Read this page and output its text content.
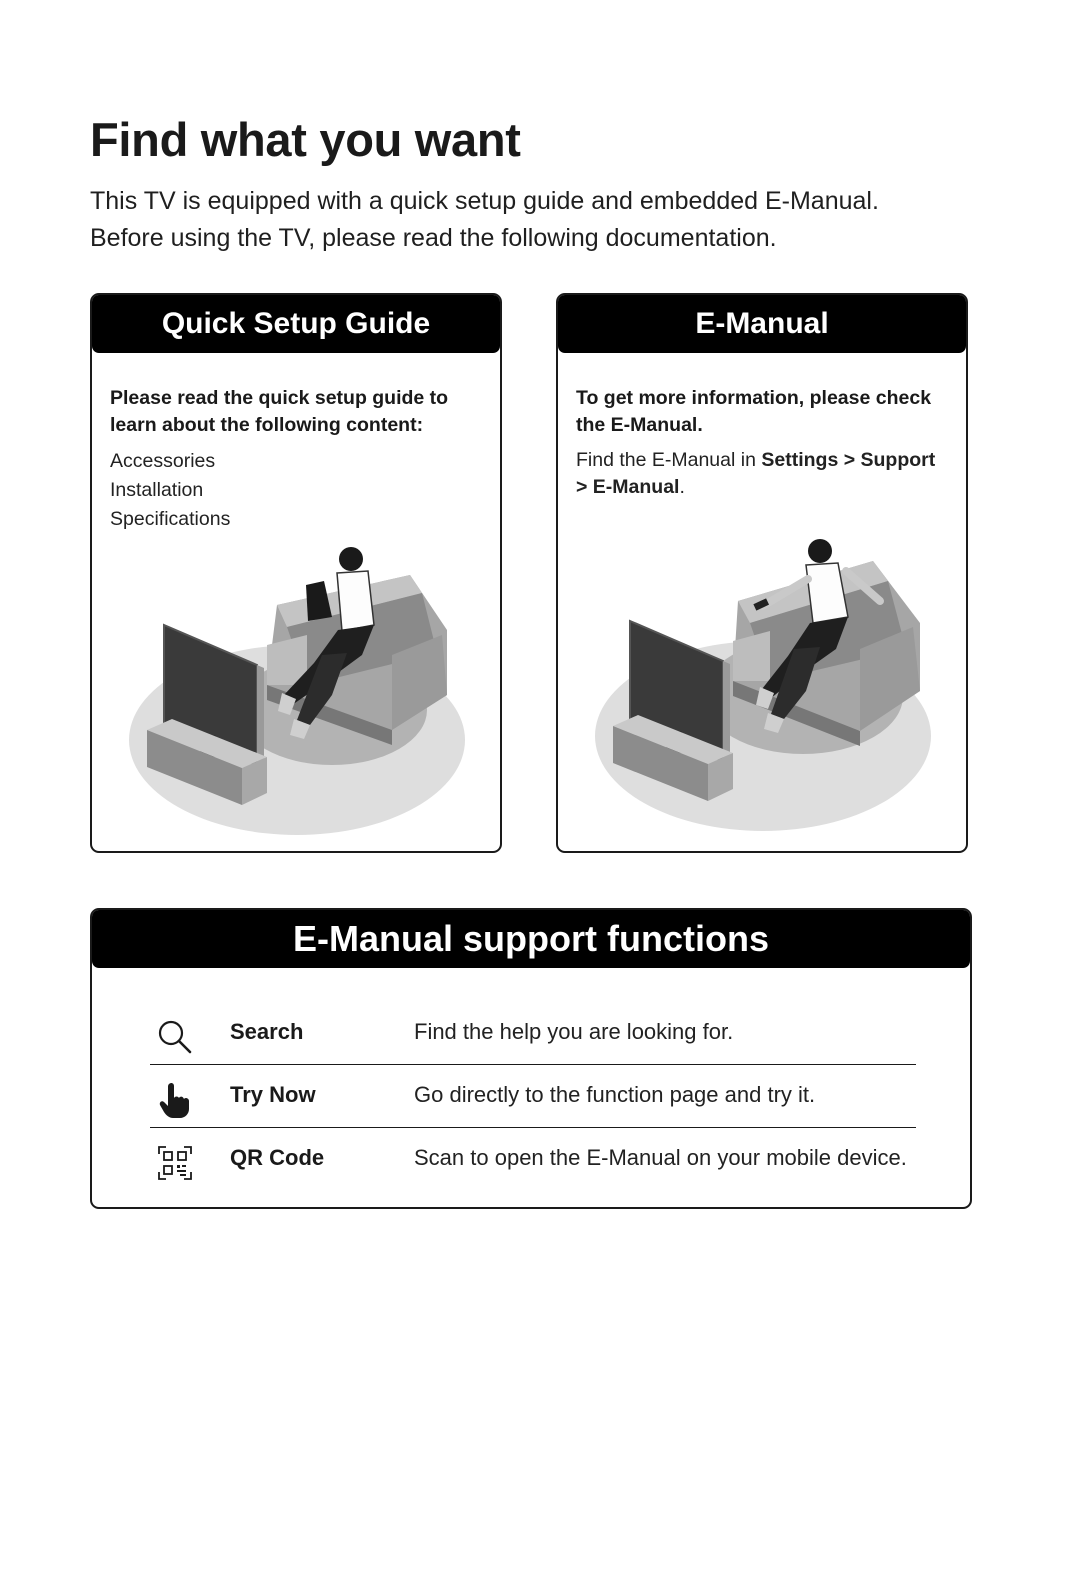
Find what you want
This TV is equipped with a quick setup guide and embedded E-Manual.
Before using the TV, please read the following documentation.
Quick Setup Guide
Please read the quick setup guide to learn about the following content:
Accessories
Installation
Specifications
E-Manual
To get more information, please check the E-Manual.
Find the E-Manual in Settings > Support > E-Manual.
E-Manual support functions
Search	Find the help you are looking for.
Try Now	Go directly to the function page and try it.
QR Code	Scan to open the E-Manual on your mobile device.
